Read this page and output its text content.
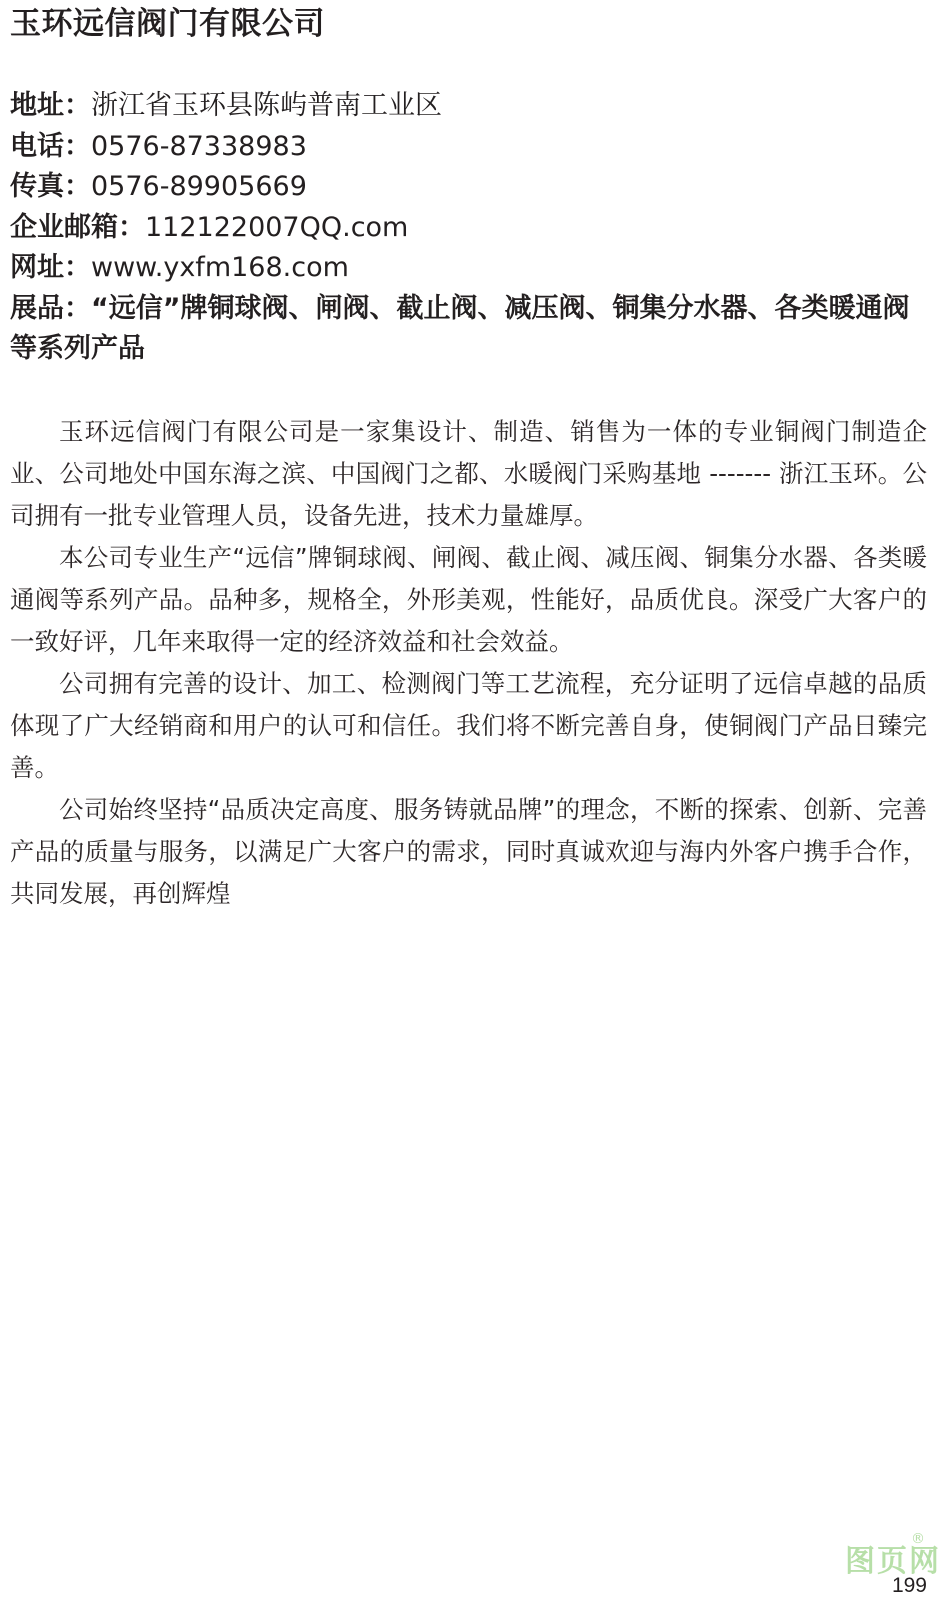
玉环远信阀门有限公司
地址：浙江省玉环县陈屿普南工业区
电话：0576-87338983
传真：0576-89905669
企业邮箱：112122007QQ.com
网址：www.yxfm168.com
展品：“远信”牌铜球阀、闸阀、截止阀、减压阀、铜集分水器、各类暖通阀等系列产品

玉环远信阀门有限公司是一家集设计、制造、销售为一体的专业铜阀门制造企业、公司地处中国东海之滨、中国阀门之都、水暖阀门采购基地 ------- 浙江玉环。公司拥有一批专业管理人员，设备先进，技术力量雄厚。

本公司专业生产“远信”牌铜球阀、闸阀、截止阀、减压阀、铜集分水器、各类暖通阀等系列产品。品种多，规格全，外形美观，性能好，品质优良。深受广大客户的一致好评，几年来取得一定的经济效益和社会效益。

公司拥有完善的设计、加工、检测阀门等工艺流程，充分证明了远信卓越的品质体现了广大经销商和用户的认可和信任。我们将不断完善自身，使铜阀门产品日臻完善。

公司始终坚持“品质决定高度、服务铸就品牌”的理念，不断的探索、创新、完善产品的质量与服务，以满足广大客户的需求，同时真诚欢迎与海内外客户携手合作，共同发展，再创辉煌

图页网
®
199
